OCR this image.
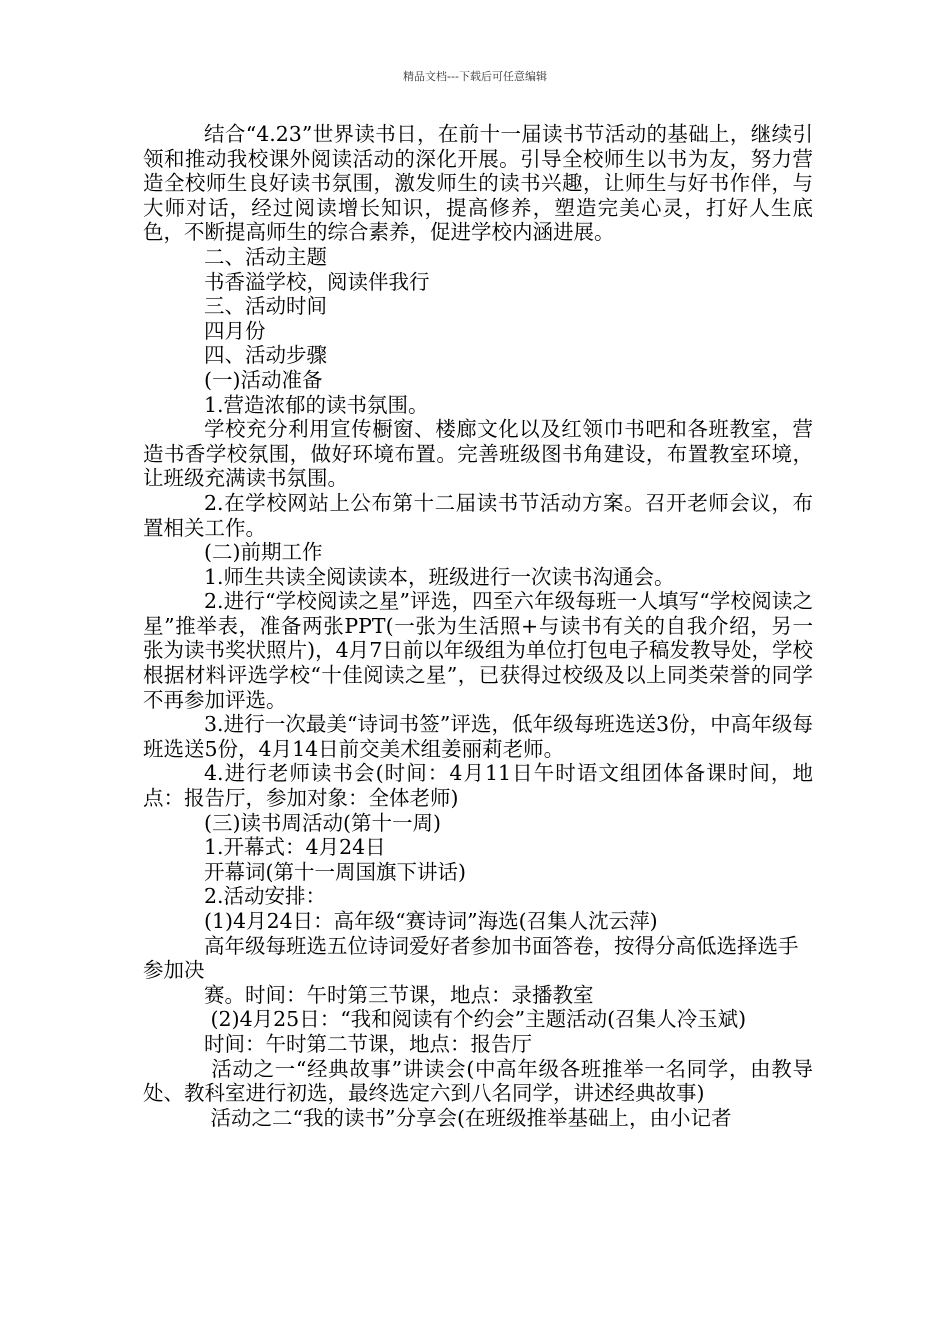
精品文档---下载后可任意编辑

结合“4.23”世界读书日，在前十一届读书节活动的基础上，继续引领和推动我校课外阅读活动的深化开展。引导全校师生以书为友，努力营造全校师生良好读书氛围，激发师生的读书兴趣，让师生与好书作伴，与大师对话，经过阅读增长知识，提高修养，塑造完美心灵，打好人生底色，不断提高师生的综合素养，促进学校内涵进展。

二、活动主题

书香溢学校，阅读伴我行

三、活动时间

四月份

四、活动步骤

(一)活动准备

1.营造浓郁的读书氛围。

学校充分利用宣传橱窗、楼廊文化以及红领巾书吧和各班教室，营造书香学校氛围，做好环境布置。完善班级图书角建设，布置教室环境，让班级充满读书氛围。

2.在学校网站上公布第十二届读书节活动方案。召开老师会议，布置相关工作。

(二)前期工作

1.师生共读全阅读读本，班级进行一次读书沟通会。

2.进行“学校阅读之星”评选，四至六年级每班一人填写“学校阅读之星”推举表，准备两张PPT(一张为生活照+与读书有关的自我介绍，另一张为读书奖状照片)，4月7日前以年级组为单位打包电子稿发教导处，学校根据材料评选学校“十佳阅读之星”，已获得过校级及以上同类荣誉的同学不再参加评选。

3.进行一次最美“诗词书签”评选，低年级每班选送3份，中高年级每班选送5份，4月14日前交美术组姜丽莉老师。

4.进行老师读书会(时间：4月11日午时语文组团体备课时间，地点：报告厅，参加对象：全体老师)

(三)读书周活动(第十一周)

1.开幕式：4月24日

开幕词(第十一周国旗下讲话)

2.活动安排：

(1)4月24日：高年级“赛诗词”海选(召集人沈云萍)

高年级每班选五位诗词爱好者参加书面答卷，按得分高低选择选手参加决

赛。时间：午时第三节课，地点：录播教室

(2)4月25日：“我和阅读有个约会”主题活动(召集人冷玉斌)

时间：午时第二节课，地点：报告厅

活动之一“经典故事”讲读会(中高年级各班推举一名同学，由教导处、教科室进行初选，最终选定六到八名同学，讲述经典故事)

活动之二“我的读书”分享会(在班级推举基础上，由小记者
